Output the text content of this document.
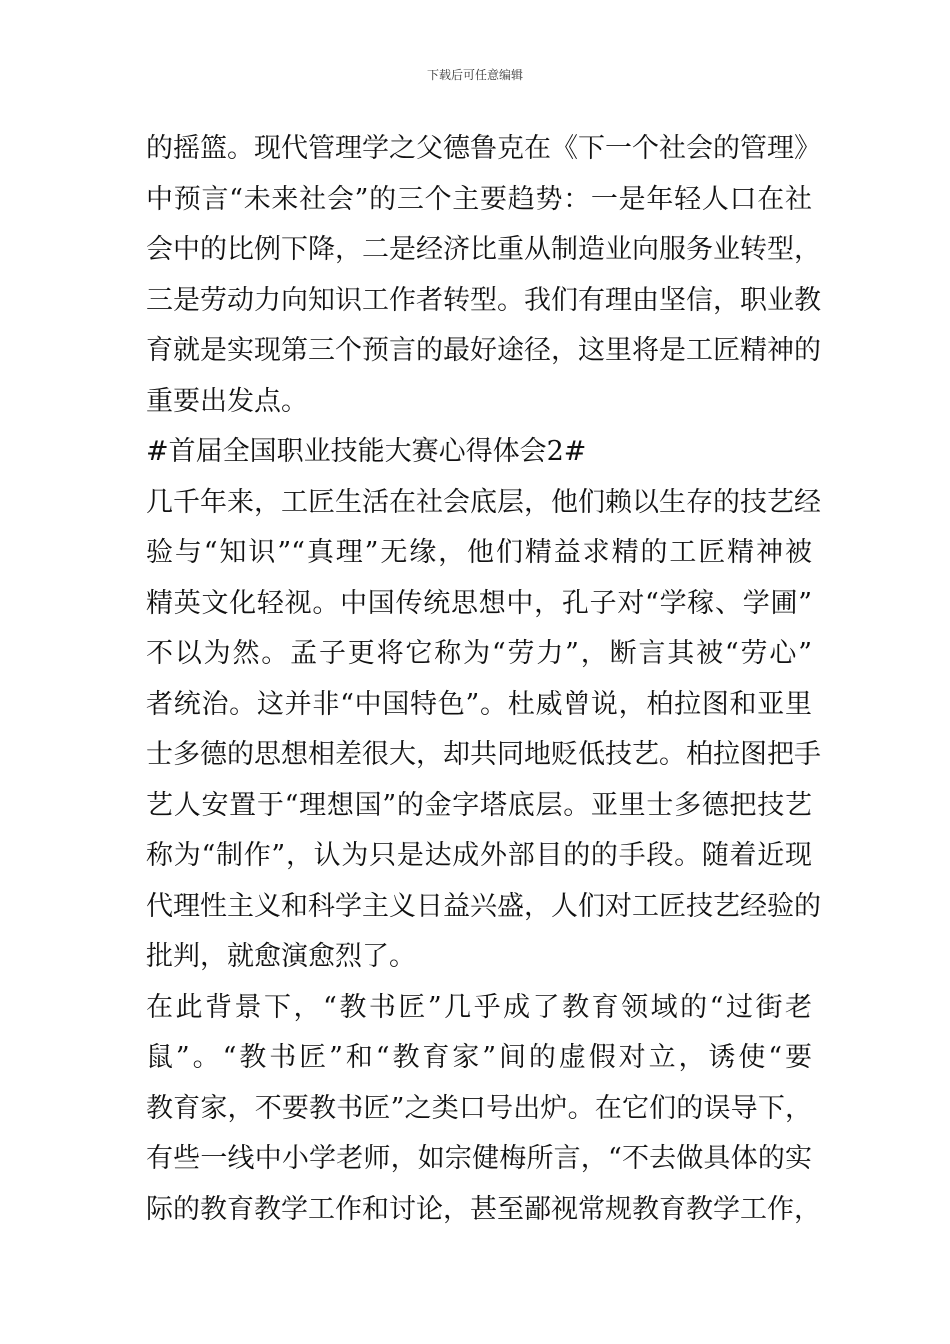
下载后可任意编辑
的摇篮。现代管理学之父德鲁克在《下一个社会的管理》
中预言“未来社会”的三个主要趋势：一是年轻人口在社
会中的比例下降，二是经济比重从制造业向服务业转型，
三是劳动力向知识工作者转型。我们有理由坚信，职业教
育就是实现第三个预言的最好途径，这里将是工匠精神的
重要出发点。
#首届全国职业技能大赛心得体会2#
几千年来，工匠生活在社会底层，他们赖以生存的技艺经
验与“知识”“真理”无缘，他们精益求精的工匠精神被
精英文化轻视。中国传统思想中，孔子对“学稼、学圃”
不以为然。孟子更将它称为“劳力”，断言其被“劳心”
者统治。这并非“中国特色”。杜威曾说，柏拉图和亚里
士多德的思想相差很大，却共同地贬低技艺。柏拉图把手
艺人安置于“理想国”的金字塔底层。亚里士多德把技艺
称为“制作”，认为只是达成外部目的的手段。随着近现
代理性主义和科学主义日益兴盛，人们对工匠技艺经验的
批判，就愈演愈烈了。
在此背景下，“教书匠”几乎成了教育领域的“过街老
鼠”。“教书匠”和“教育家”间的虚假对立，诱使“要
教育家，不要教书匠”之类口号出炉。在它们的误导下，
有些一线中小学老师，如宗健梅所言，“不去做具体的实
际的教育教学工作和讨论，甚至鄙视常规教育教学工作，
